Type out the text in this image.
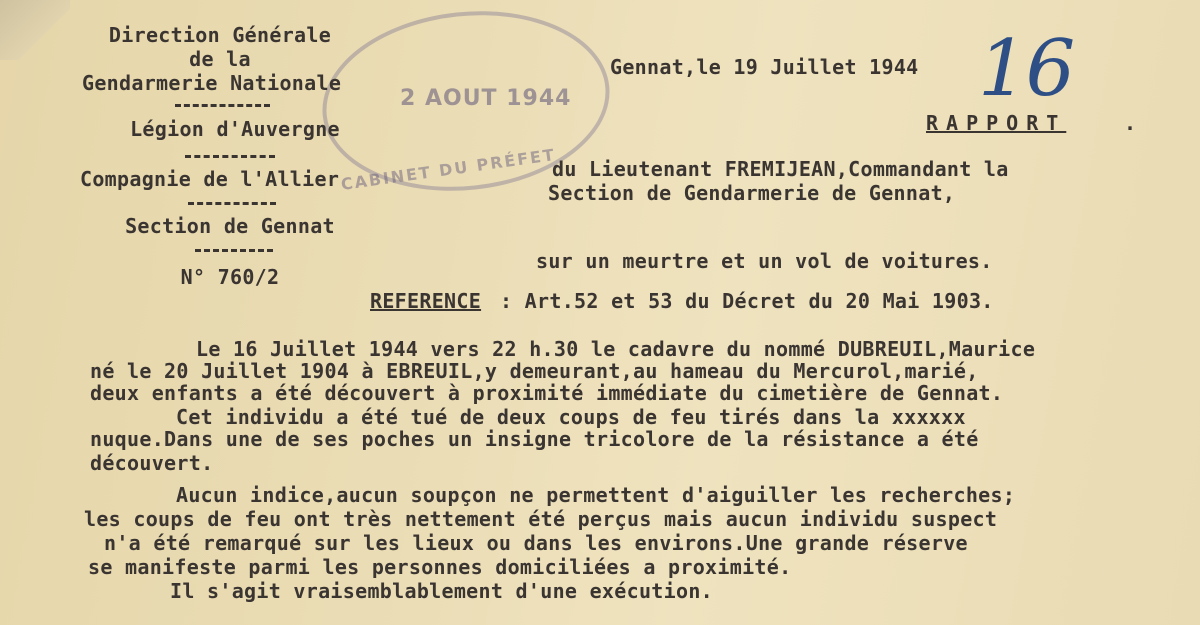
2 AOUT 1944
CABINET DU PRÉFET
Direction Générale
de la
Gendarmerie Nationale
Légion d'Auvergne
Compagnie de l'Allier
Section de Gennat
N° 760/2
Gennat,le 19 Juillet 1944 16
RAPPORT	.
du Lieutenant FREMIJEAN,Commandant la
Section de Gendarmerie de Gennat,
sur un meurtre et un vol de voitures.
REFERENCE : Art.52 et 53 du Décret du 20 Mai 1903.
Le 16 Juillet 1944 vers 22 h.30 le cadavre du nommé DUBREUIL,Maurice
né le 20 Juillet 1904 à EBREUIL,y demeurant,au hameau du Mercurol,marié,
deux enfants a été découvert à proximité immédiate du cimetière de Gennat.
Cet individu a été tué de deux coups de feu tirés dans la xxxxxx
nuque.Dans une de ses poches un insigne tricolore de la résistance a été
découvert.
Aucun indice,aucun soupçon ne permettent d'aiguiller les recherches;
les coups de feu ont très nettement été perçus mais aucun individu suspect
n'a été remarqué sur les lieux ou dans les environs.Une grande réserve
se manifeste parmi les personnes domiciliées a proximité.
Il s'agit vraisemblablement d'une exécution.
